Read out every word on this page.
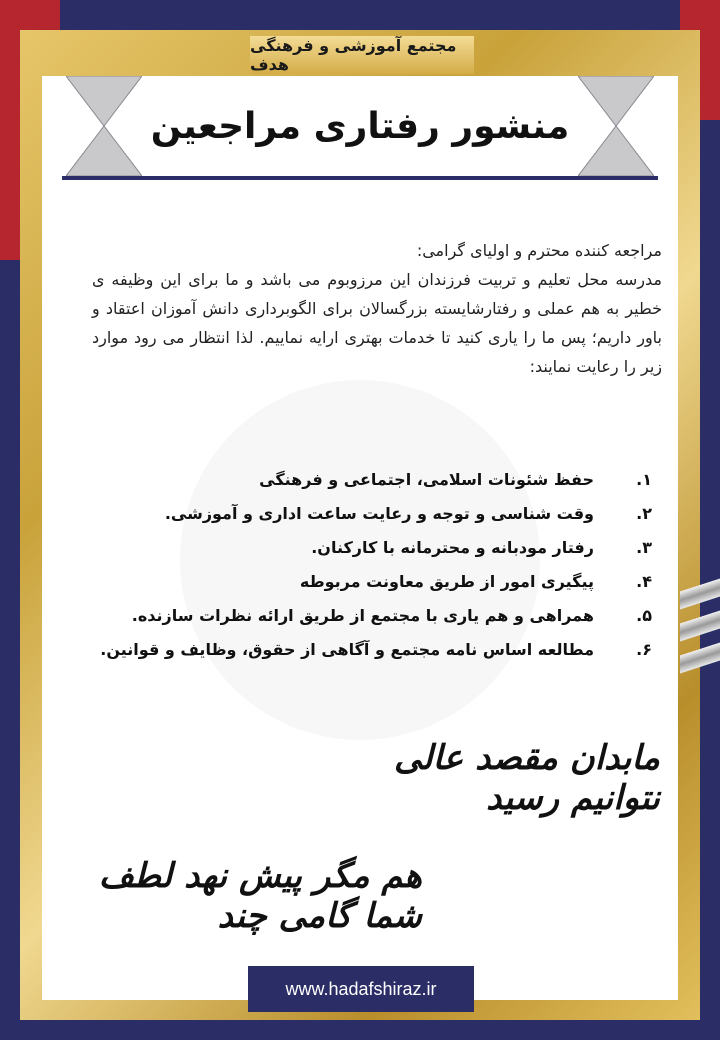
مجتمع آموزشی و فرهنگی هدف
منشور رفتاری مراجعین

مراجعه کننده محترم و اولیای گرامی:

مدرسه محل تعلیم و تربیت فرزندان این مرزوبوم می باشد و ما برای این وظیفه ی خطیر به هم عملی و رفتارشایسته بزرگسالان برای الگوبرداری دانش آموزان اعتقاد و باور داریم؛ پس ما را یاری کنید تا خدمات بهتری ارایه نماییم. لذا انتظار می رود موارد زیر را رعایت نمایند:

۱.
حفظ شئونات اسلامی، اجتماعی و فرهنگی
۲.
وقت شناسی و توجه و رعایت ساعت اداری و آموزشی.
۳.
رفتار مودبانه و محترمانه با کارکنان.
۴.
پیگیری امور از طریق معاونت مربوطه
۵.
همراهی و هم یاری با مجتمع از طریق ارائه نظرات سازنده.
۶.
مطالعه اساس نامه مجتمع و آگاهی از حقوق، وظایف و قوانین.
مابدان مقصد عالی نتوانیم رسید
هم مگر پیش نهد لطف شما گامی چند
www.hadafshiraz.ir
